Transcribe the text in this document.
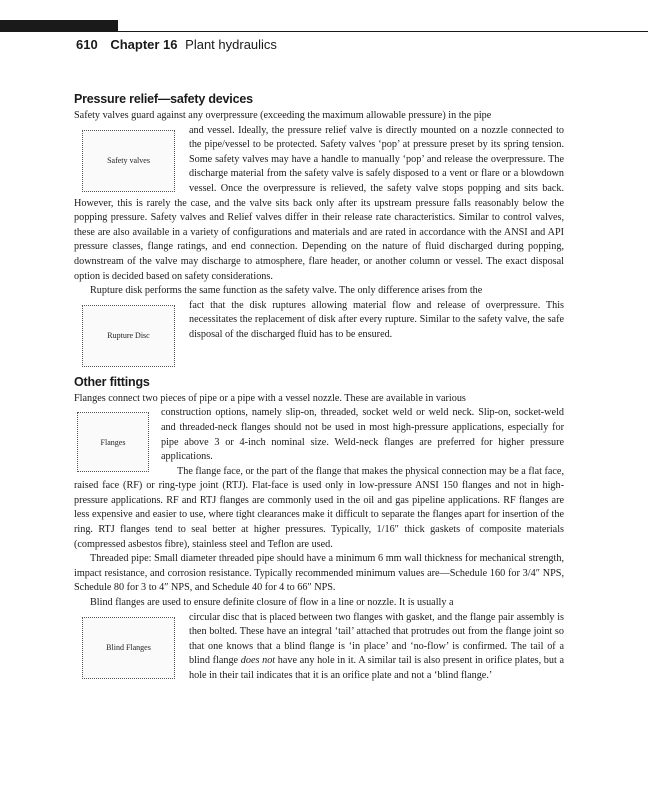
610 Chapter 16 Plant hydraulics
Pressure relief—safety devices

Safety valves guard against any overpressure (exceeding the maximum allowable pressure) in the pipe

Safety valves

and vessel. Ideally, the pressure relief valve is directly mounted on a nozzle connected to the pipe/vessel to be protected. Safety valves ‘pop’ at pressure preset by its spring tension. Some safety valves may have a handle to manually ‘pop’ and release the overpressure. The discharge material from the safety valve is safely disposed to a vent or flare or a blowdown vessel. Once the overpressure is relieved, the safety valve stops popping and sits back. However, this is rarely the case, and the valve sits back only after its upstream pressure falls reasonably below the popping pressure. Safety valves and Relief valves differ in their release rate characteristics. Similar to control valves, these are also available in a variety of configurations and materials and are rated in accordance with the ANSI and API pressure classes, flange ratings, and end connection. Depending on the nature of fluid discharged during popping, downstream of the valve may discharge to atmosphere, flare header, or another column or vessel. The exact disposal option is decided based on safety considerations.

Rupture disk performs the same function as the safety valve. The only difference arises from the

Rupture Disc

fact that the disk ruptures allowing material flow and release of overpressure. This necessitates the replacement of disk after every rupture. Similar to the safety valve, the safe disposal of the discharged fluid has to be ensured.

Other fittings

Flanges connect two pieces of pipe or a pipe with a vessel nozzle. These are available in various

Flanges

construction options, namely slip-on, threaded, socket weld or weld neck. Slip-on, socket-weld and threaded-neck flanges should not be used in most high-pressure applications, especially for pipe above 3 or 4-inch nominal size. Weld-neck flanges are preferred for higher pressure applications.

The flange face, or the part of the flange that makes the physical connection may be a flat face, raised face (RF) or ring-type joint (RTJ). Flat-face is used only in low-pressure ANSI 150 flanges and not in high-pressure applications. RF and RTJ flanges are commonly used in the oil and gas pipeline applications. RF flanges are less expensive and easier to use, where tight clearances make it difficult to separate the flanges apart for insertion of the ring. RTJ flanges tend to seal better at higher pressures. Typically, 1/16″ thick gaskets of composite materials (compressed asbestos fibre), stainless steel and Teflon are used.

Threaded pipe: Small diameter threaded pipe should have a minimum 6 mm wall thickness for mechanical strength, impact resistance, and corrosion resistance. Typically recommended minimum values are—Schedule 160 for 3/4″ NPS, Schedule 80 for 3 to 4″ NPS, and Schedule 40 for 4 to 66″ NPS.

Blind flanges are used to ensure definite closure of flow in a line or nozzle. It is usually a

Blind Flanges

circular disc that is placed between two flanges with gasket, and the flange pair assembly is then bolted. These have an integral ‘tail’ attached that protrudes out from the flange joint so that one knows that a blind flange is ‘in place’ and ‘no-flow’ is confirmed. The tail of a blind flange does not have any hole in it. A similar tail is also present in orifice plates, but a hole in their tail indicates that it is an orifice plate and not a ‘blind flange.’
